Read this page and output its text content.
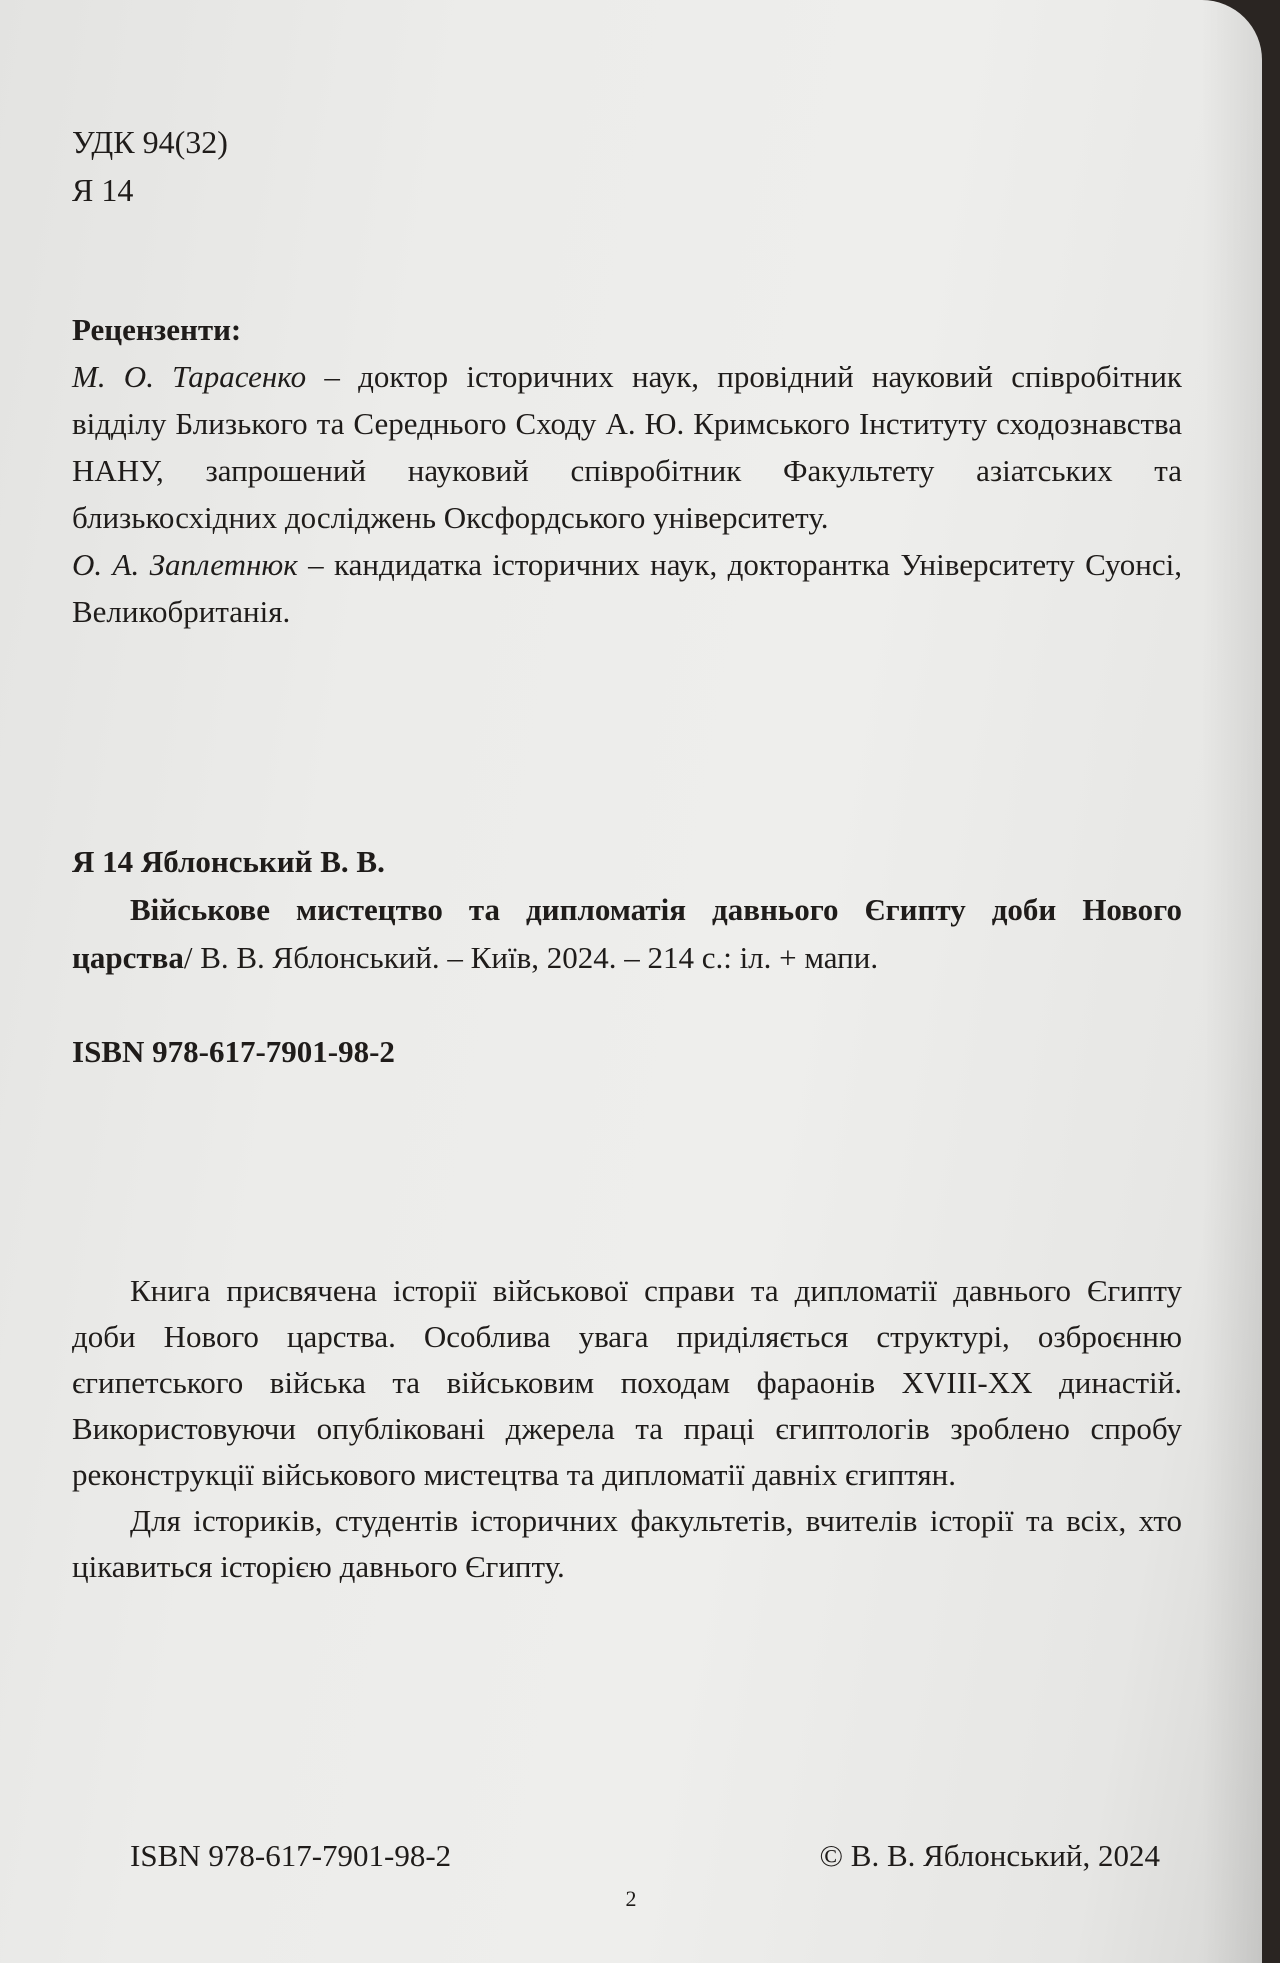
УДК 94(32)
Я 14
Рецензенти:
М. О. Тарасенко – доктор історичних наук, провідний науковий співробітник відділу Близького та Середнього Сходу А. Ю. Кримського Інституту сходознавства НАНУ, запрошений науковий співробітник Факультету азіатських та близькосхідних досліджень Оксфордського університету.
О. А. Заплетнюк – кандидатка історичних наук, докторантка Університету Суонсі, Великобританія.
Я 14 Яблонський В. В.
Військове мистецтво та дипломатія давнього Єгипту доби Нового царства/ В. В. Яблонський. – Київ, 2024. – 214 с.: іл. + мапи.
ISBN 978-617-7901-98-2

Книга присвячена історії військової справи та дипломатії давнього Єгипту доби Нового царства. Особлива увага приділяється структурі, озброєнню єгипетського війська та військовим походам фараонів XVIII-XX династій. Використовуючи опубліковані джерела та праці єгиптологів зроблено спробу реконструкції військового мистецтва та дипломатії давніх єгиптян.

Для істориків, студентів історичних факультетів, вчителів історії та всіх, хто цікавиться історією давнього Єгипту.

ISBN 978-617-7901-98-2	© В. В. Яблонський, 2024
2
